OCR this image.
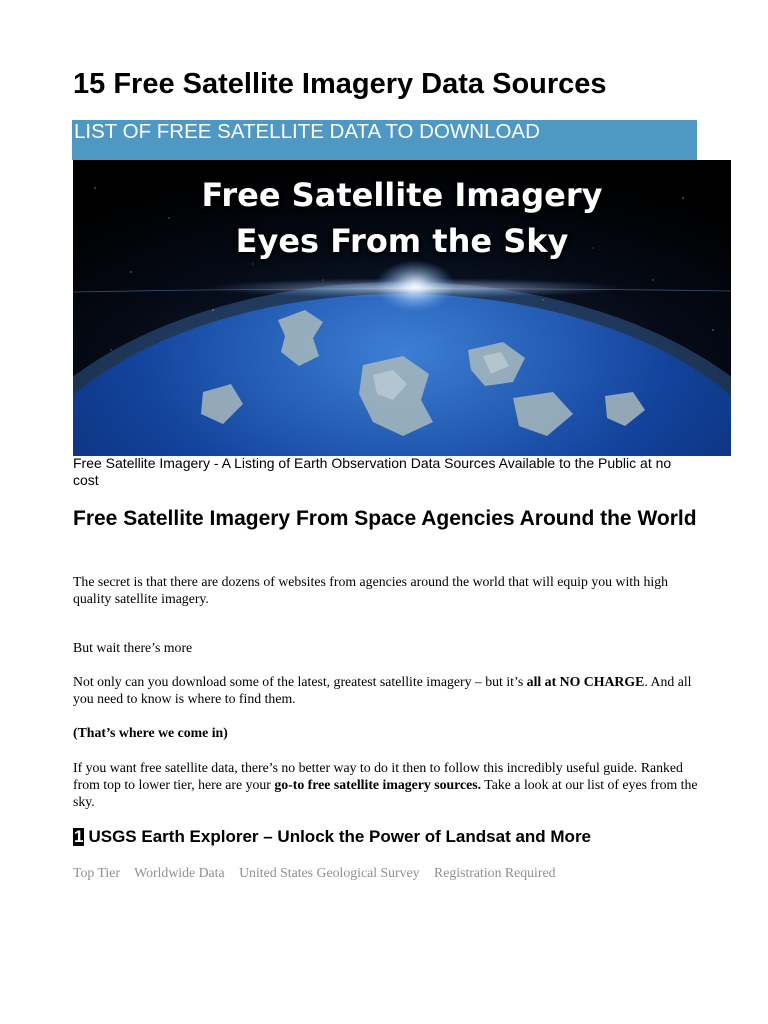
15 Free Satellite Imagery Data Sources
LIST OF FREE SATELLITE DATA TO DOWNLOAD
Free Satellite Imagery
Eyes From the Sky

Free Satellite Imagery - A Listing of Earth Observation Data Sources Available to the Public at no cost

Free Satellite Imagery From Space Agencies Around the World

The secret is that there are dozens of websites from agencies around the world that will equip you with high quality satellite imagery.

But wait there’s more

Not only can you download some of the latest, greatest satellite imagery – but it’s all at NO CHARGE. And all you need to know is where to find them.

(That’s where we come in)

If you want free satellite data, there’s no better way to do it then to follow this incredibly useful guide. Ranked from top to lower tier, here are your go-to free satellite imagery sources. Take a look at our list of eyes from the sky.

1 USGS Earth Explorer – Unlock the Power of Landsat and More
Top Tier Worldwide Data United States Geological Survey Registration Required
